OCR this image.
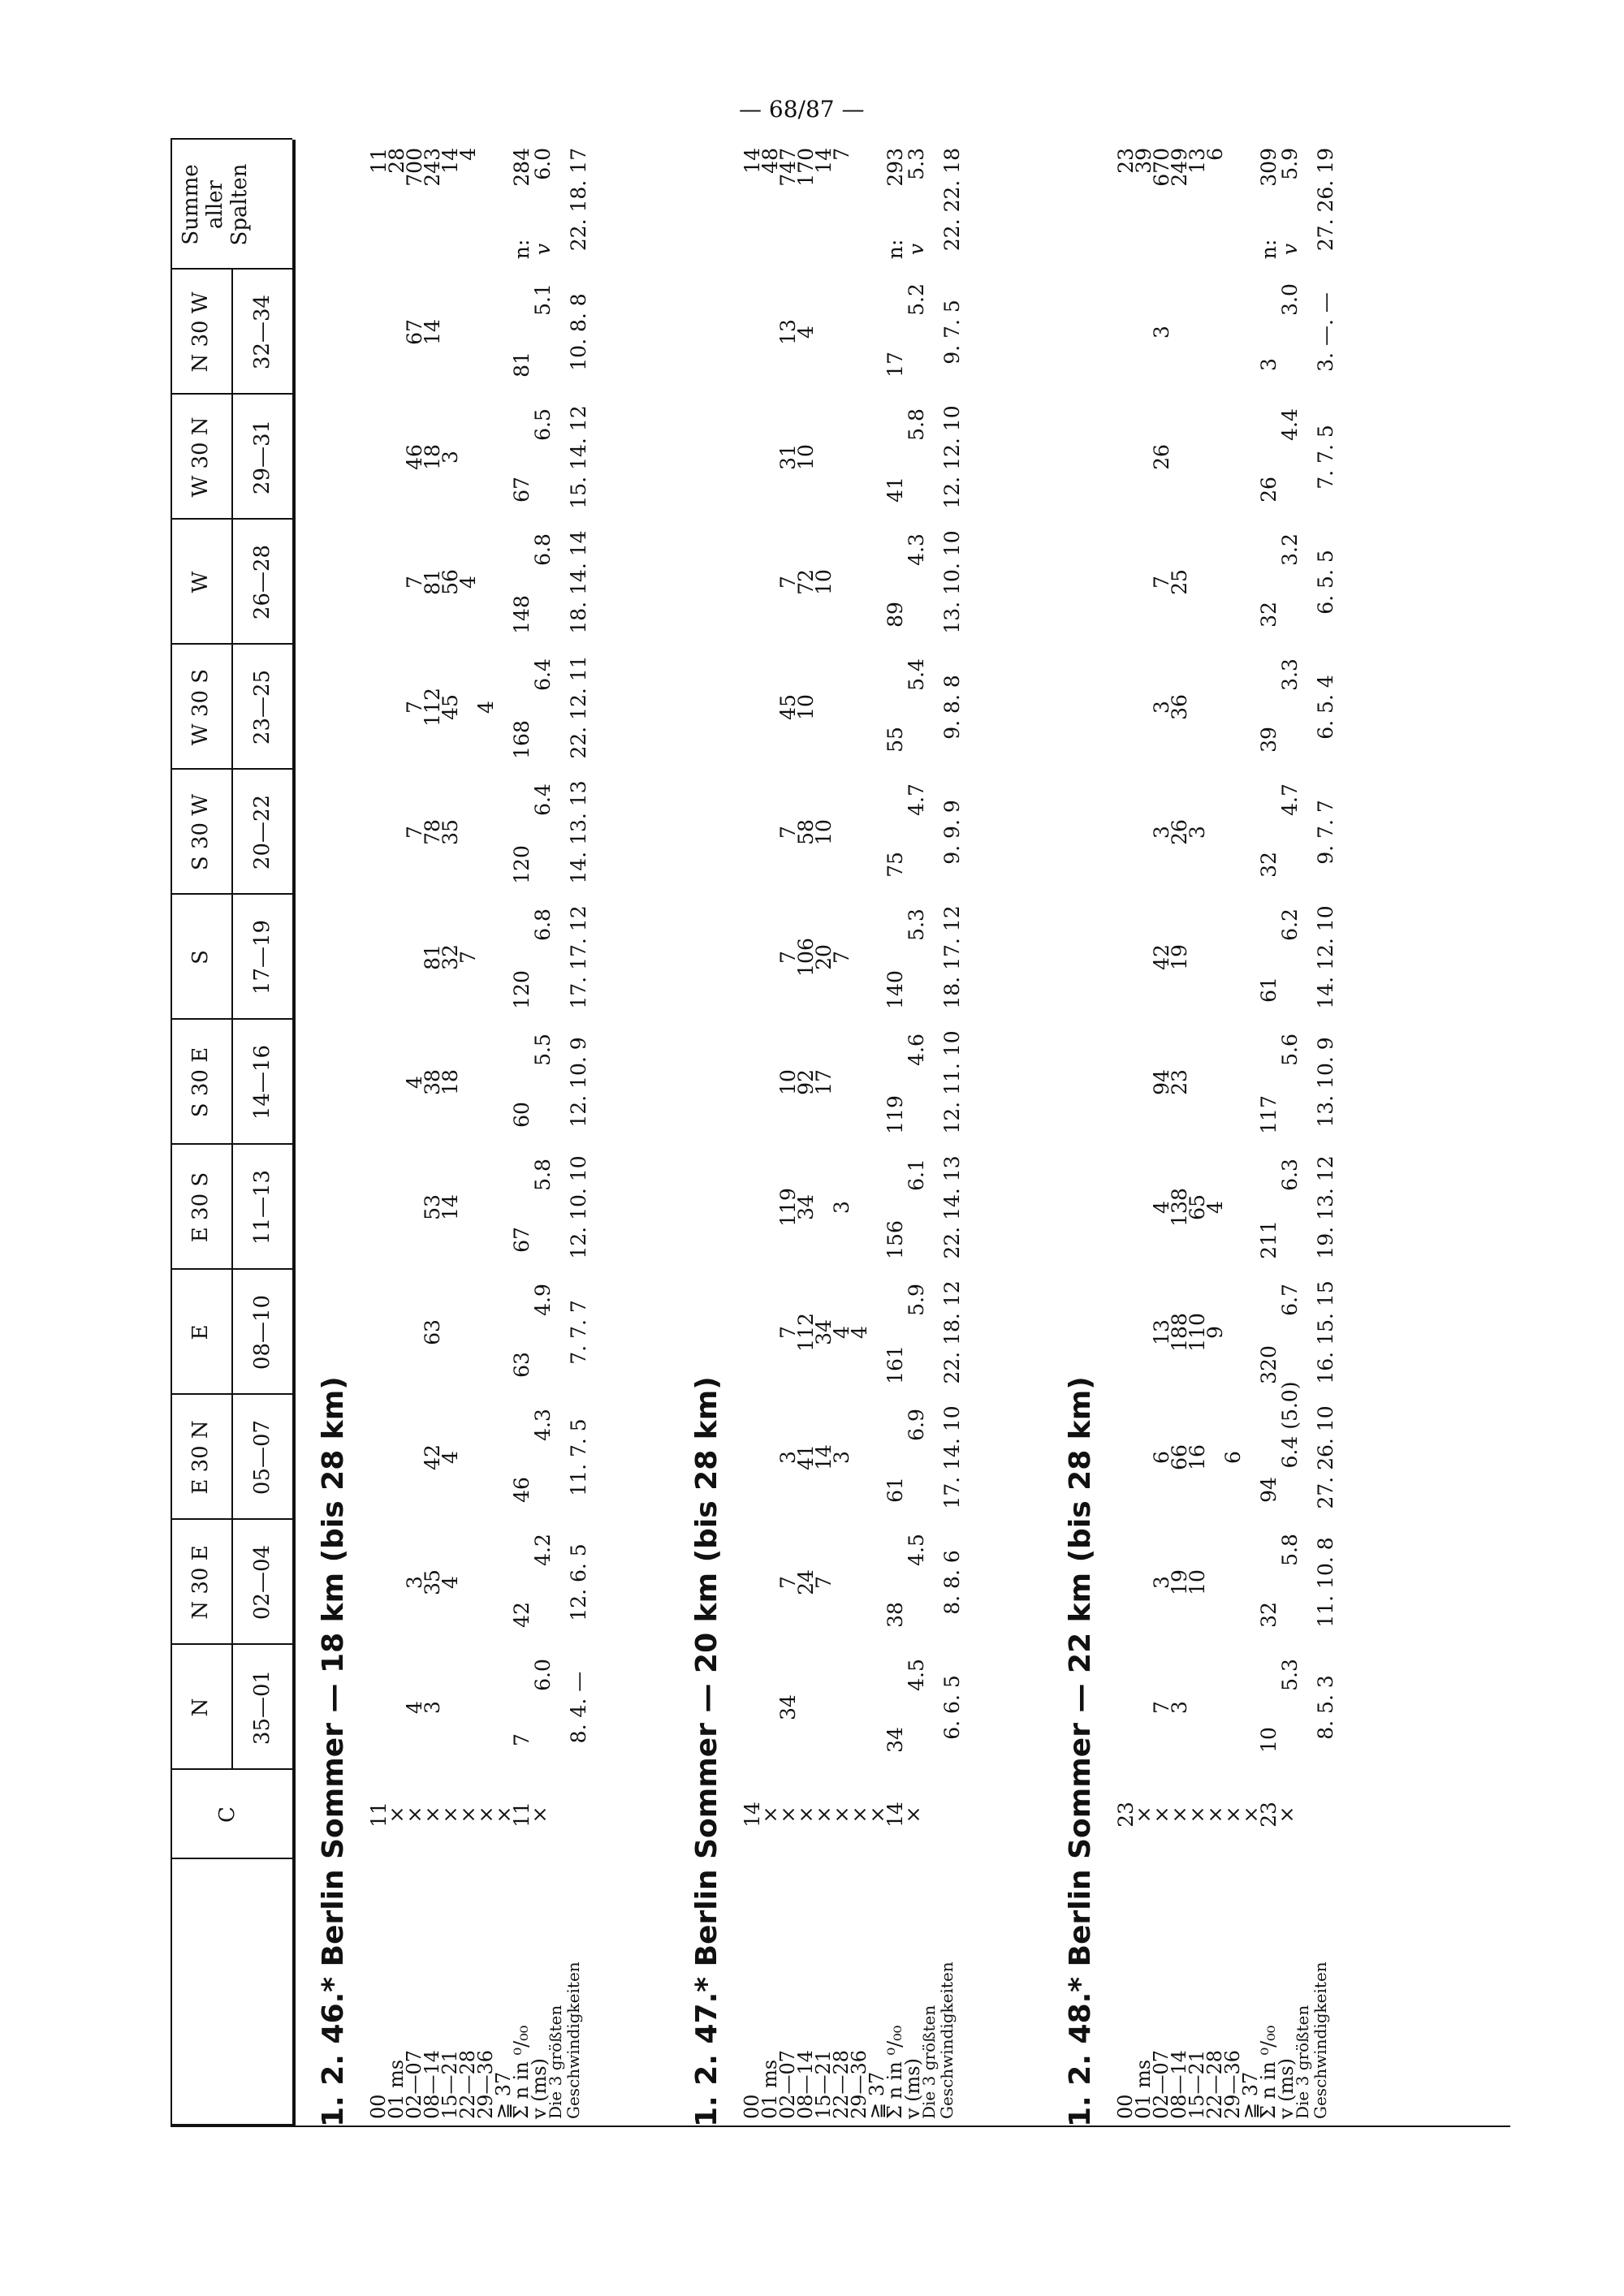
— 68/87 —
C
N 35—01
N 30 E 02—04
E 30 N 05—07
E 08—10
E 30 S 11—13
S 30 E 14—16
S 17—19
S 30 W 20—22
W 30 S 23—25
W 26—28
W 30 N 29—31
N 30 W 32—34
Summe aller Spalten
1. 2. 46.* Berlin Sommer — 18 km (bis 28 km) 00
01 ms
02—07
08—14
15—21
22—28
29—36
≧ 37
Σ n in ⁰/₀₀
v (ms)
Die 3 größten
Geschwindigkeiten
11
×
×
×
×
×
×
×
11
×
4
3
7
6.0 8. 4. —
3
35
4
42
4.2 12. 6. 5
42
4
46
4.3 11. 7. 5
63
63
4.9
7. 7. 7
53
14
67
5.8 12. 10. 10
4
38
18
60
5.5 12. 10. 9
81
32
7
120
6.8 17. 17. 12
7
78
35
120
6.4 14. 13. 13
7
112
45 4
168
6.4 22. 12. 11
7
81
56
4
148
6.8 18. 14. 14
46
18
3
67
6.5 15. 14. 12
67
14
81
5.1 10. 8. 8
11
28
700
243
14
4
n:
284
v
6.0 22. 18. 17
1. 2. 47.* Berlin Sommer — 20 km (bis 28 km) 00
01 ms
02—07
08—14
15—21
22—28
29—36
≧ 37
Σ n in ⁰/₀₀
v (ms)
Die 3 größten
Geschwindigkeiten
14
×
×
×
×
×
×
×
14
×
34
34
4.5
6. 6. 5
7
24
7
38
4.5
8. 8. 6
3
41
14
3
61
6.9 17. 14. 10
7
112
34
4
4
161
5.9 22. 18. 12
119
34 3
156
6.1 22. 14. 13
10
92
17
119
4.6 12. 11. 10
7
106
20
7
140
5.3 18. 17. 12
7
58
10
75
4.7
9. 9. 9
45
10
55
5.4
9. 8. 8
7
72
10
89
4.3 13. 10. 10
31
10
41
5.8 12. 12. 10
13
4
17
5.2
9. 7. 5
14
48
747
170
14
7
n:
293
v
5.3 22. 22. 18
1. 2. 48.* Berlin Sommer — 22 km (bis 28 km) 00
01 ms
02—07
08—14
15—21
22—28
29—36
≧ 37
Σ n in ⁰/₀₀
v (ms)
Die 3 größten
Geschwindigkeiten
23
×
×
×
×
×
×
×
23
×
7
3
10
5.3
8. 5. 3
3
19
10
32
5.8 11. 10. 8
6
66
16 6
94
6.4 (5.0) 27. 26. 10
13
188
110
9
320
6.7 16. 15. 15
4
138
65
4
211
6.3 19. 13. 12
94
23
117
5.6 13. 10. 9
42
19
61
6.2 14. 12. 10
3
26
3
32
4.7
9. 7. 7
3
36
39
3.3
6. 5. 4
7
25
32
3.2
6. 5. 5
26
26
4.4
7. 7. 5
3
3
3.0 3. —. —
23
39
670
249
13
6
n:
309
v
5.9 27. 26. 19
